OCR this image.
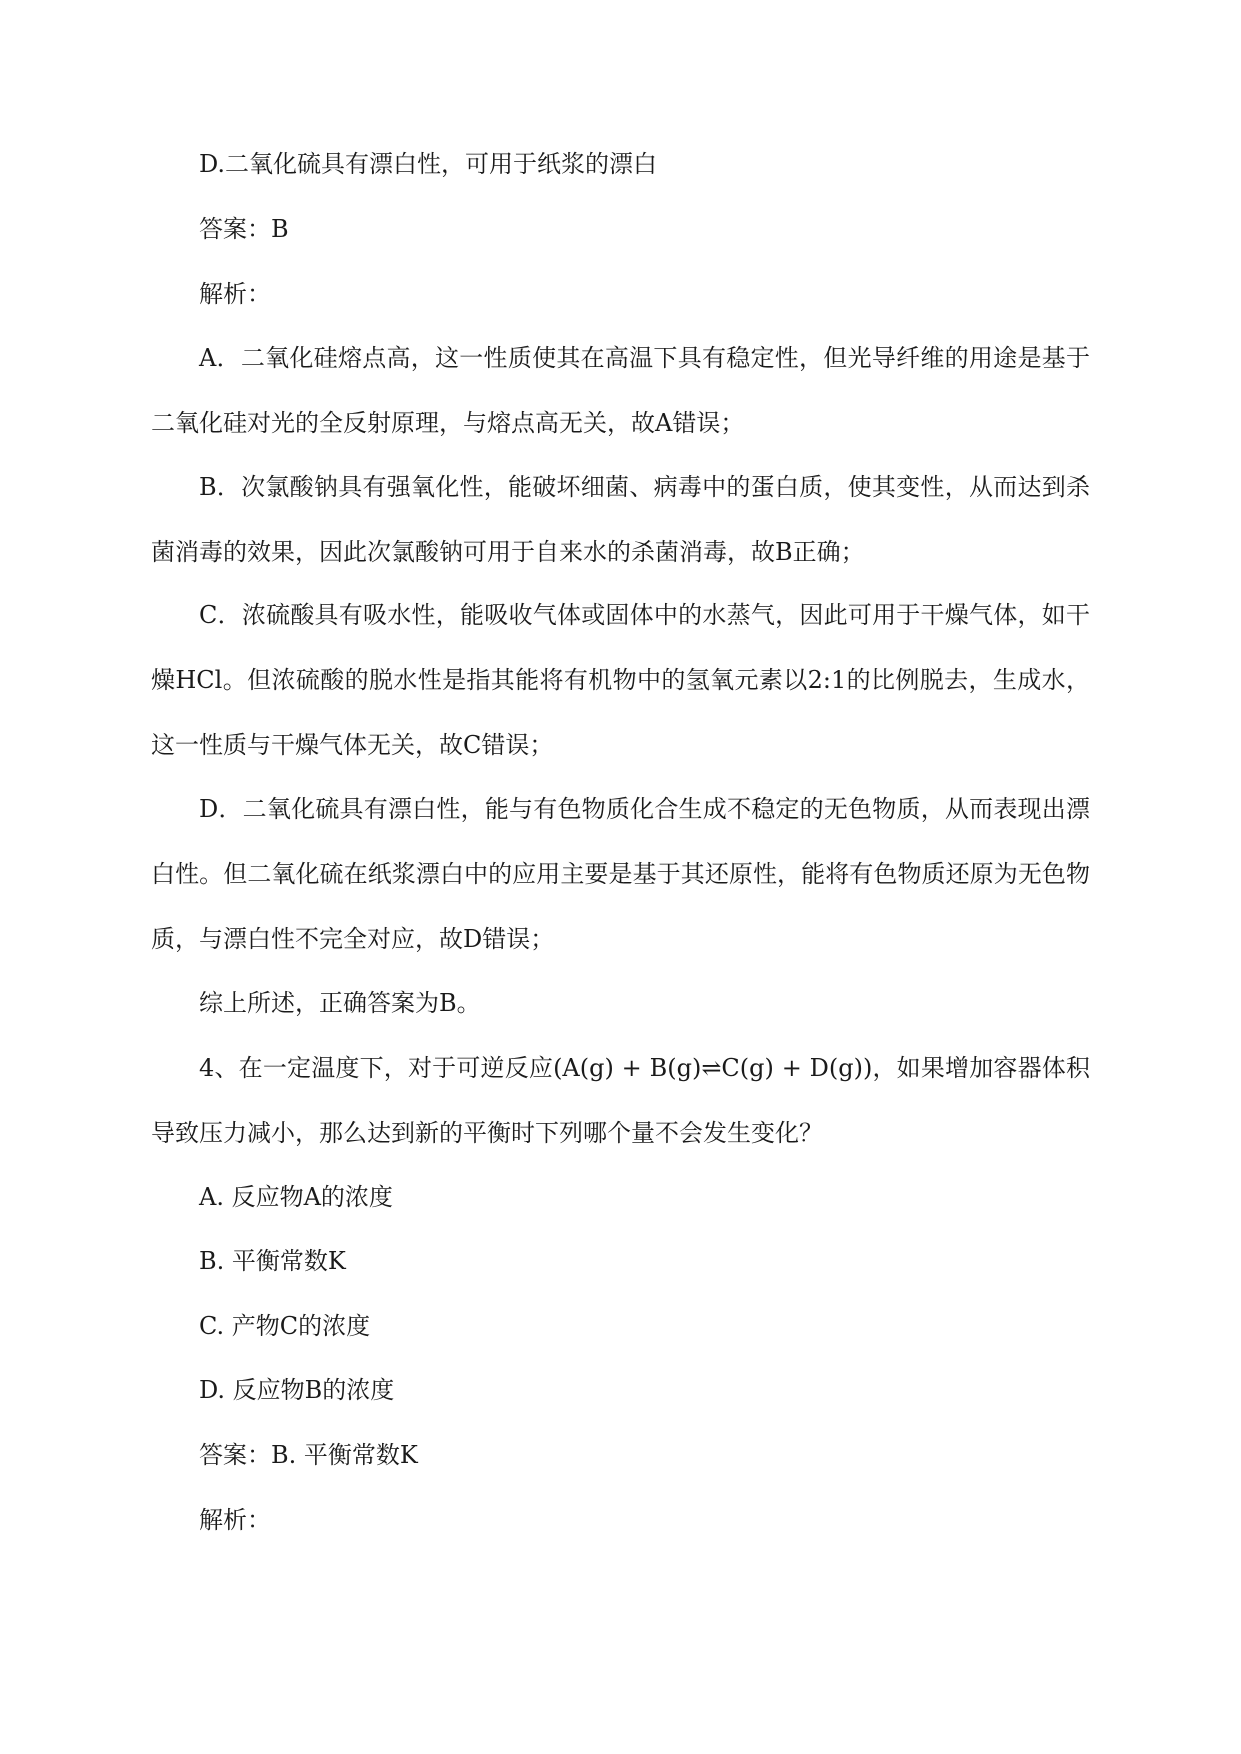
D.二氧化硫具有漂白性，可用于纸浆的漂白

答案：B

解析：

A．二氧化硅熔点高，这一性质使其在高温下具有稳定性，但光导纤维的用途是基于二氧化硅对光的全反射原理，与熔点高无关，故A错误；

B．次氯酸钠具有强氧化性，能破坏细菌、病毒中的蛋白质，使其变性，从而达到杀菌消毒的效果，因此次氯酸钠可用于自来水的杀菌消毒，故B正确；

C．浓硫酸具有吸水性，能吸收气体或固体中的水蒸气，因此可用于干燥气体，如干燥HCl。但浓硫酸的脱水性是指其能将有机物中的氢氧元素以2:1的比例脱去，生成水，这一性质与干燥气体无关，故C错误；

D．二氧化硫具有漂白性，能与有色物质化合生成不稳定的无色物质，从而表现出漂白性。但二氧化硫在纸浆漂白中的应用主要是基于其还原性，能将有色物质还原为无色物质，与漂白性不完全对应，故D错误；

综上所述，正确答案为B。

4、在一定温度下，对于可逆反应(A(g) + B(g)⇌C(g) + D(g))，如果增加容器体积导致压力减小，那么达到新的平衡时下列哪个量不会发生变化？

A. 反应物A的浓度

B. 平衡常数K

C. 产物C的浓度

D. 反应物B的浓度

答案：B. 平衡常数K

解析：
